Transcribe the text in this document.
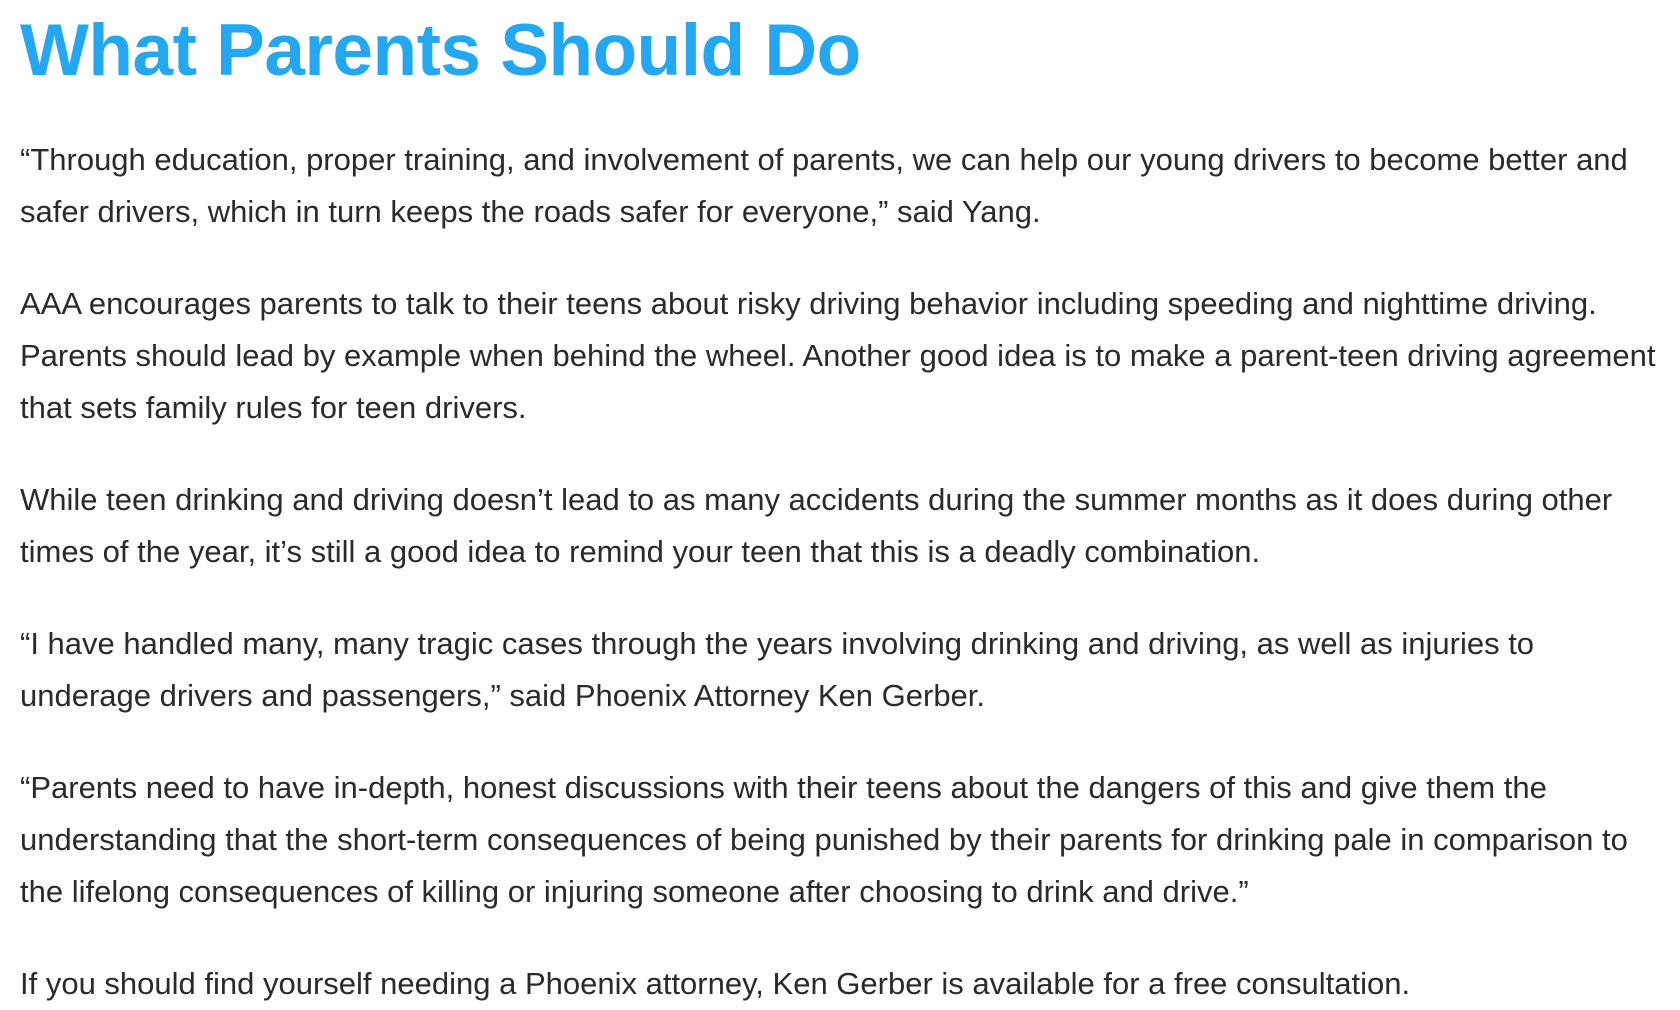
What Parents Should Do

“Through education, proper training, and involvement of parents, we can help our young drivers to become better and safer drivers, which in turn keeps the roads safer for everyone,” said Yang.

AAA encourages parents to talk to their teens about risky driving behavior including speeding and nighttime driving. Parents should lead by example when behind the wheel. Another good idea is to make a parent-teen driving agreement that sets family rules for teen drivers.

While teen drinking and driving doesn’t lead to as many accidents during the summer months as it does during other times of the year, it’s still a good idea to remind your teen that this is a deadly combination.

“I have handled many, many tragic cases through the years involving drinking and driving, as well as injuries to underage drivers and passengers,” said Phoenix Attorney Ken Gerber.

“Parents need to have in-depth, honest discussions with their teens about the dangers of this and give them the understanding that the short-term consequences of being punished by their parents for drinking pale in comparison to the lifelong consequences of killing or injuring someone after choosing to drink and drive.”

If you should find yourself needing a Phoenix attorney, Ken Gerber is available for a free consultation.
